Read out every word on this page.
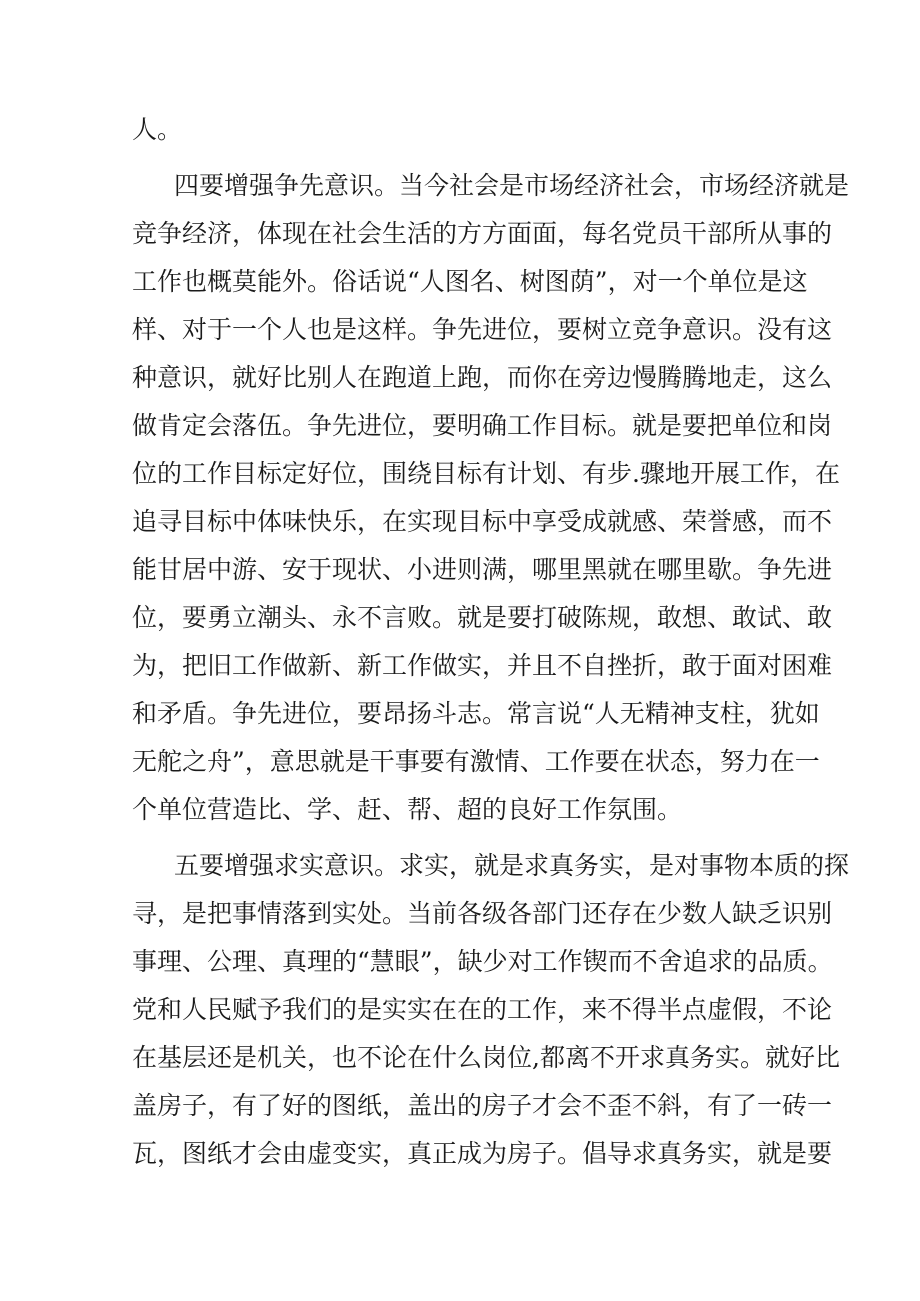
人。
四要增强争先意识。当今社会是市场经济社会，市场经济就是
竞争经济，体现在社会生活的方方面面，每名党员干部所从事的
工作也概莫能外。俗话说“人图名、树图荫”，对一个单位是这
样、对于一个人也是这样。争先进位，要树立竞争意识。没有这
种意识，就好比别人在跑道上跑，而你在旁边慢腾腾地走，这么
做肯定会落伍。争先进位，要明确工作目标。就是要把单位和岗
位的工作目标定好位，围绕目标有计划、有步.骤地开展工作，在
追寻目标中体味快乐，在实现目标中享受成就感、荣誉感，而不
能甘居中游、安于现状、小进则满，哪里黑就在哪里歇。争先进
位，要勇立潮头、永不言败。就是要打破陈规，敢想、敢试、敢
为，把旧工作做新、新工作做实，并且不自挫折，敢于面对困难
和矛盾。争先进位，要昂扬斗志。常言说“人无精神支柱，犹如
无舵之舟”，意思就是干事要有激情、工作要在状态，努力在一
个单位营造比、学、赶、帮、超的良好工作氛围。
五要增强求实意识。求实，就是求真务实，是对事物本质的探
寻，是把事情落到实处。当前各级各部门还存在少数人缺乏识别
事理、公理、真理的“慧眼”，缺少对工作锲而不舍追求的品质。
党和人民赋予我们的是实实在在的工作，来不得半点虚假，不论
在基层还是机关，也不论在什么岗位,都离不开求真务实。就好比
盖房子，有了好的图纸，盖出的房子才会不歪不斜，有了一砖一
瓦，图纸才会由虚变实，真正成为房子。倡导求真务实，就是要
